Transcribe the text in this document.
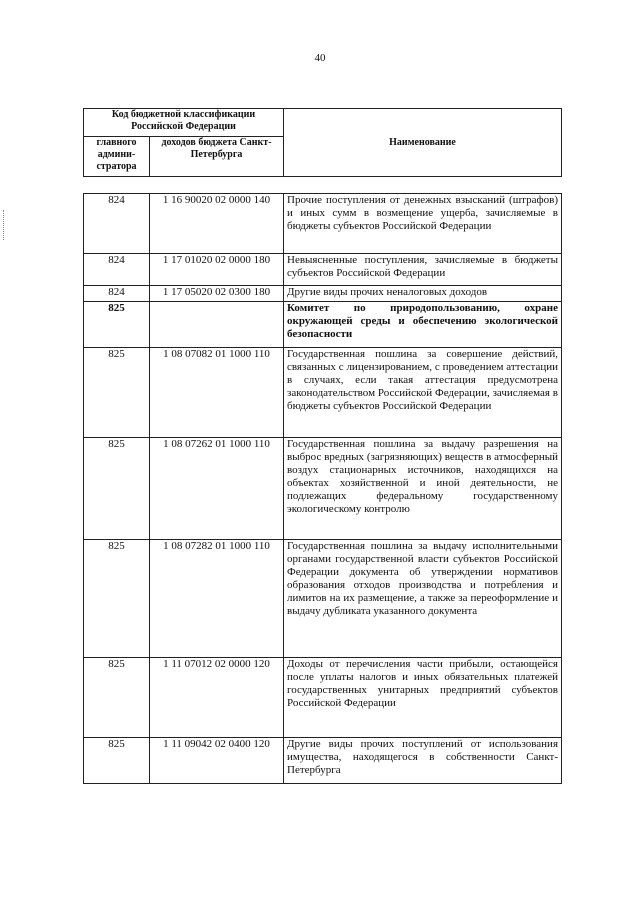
40
Код бюджетной классификации Российской Федерации		Наименование
главного админи-стратора	доходов бюджета Санкт-Петербурга	
824	1 16 90020 02 0000 140	Прочие поступления от денежных взысканий (штрафов) и иных сумм в возмещение ущерба, зачисляемые в бюджеты субъектов Российской Федерации
824	1 17 01020 02 0000 180	Невыясненные поступления, зачисляемые в бюджеты субъектов Российской Федерации
824	1 17 05020 02 0300 180	Другие виды прочих неналоговых доходов
825		Комитет по природопользованию, охране окружающей среды и обеспечению экологической безопасности
825	1 08 07082 01 1000 110	Государственная пошлина за совершение действий, связанных с лицензированием, с проведением аттестации в случаях, если такая аттестация предусмотрена законодательством Российской Федерации, зачисляемая в бюджеты субъектов Российской Федерации
825	1 08 07262 01 1000 110	Государственная пошлина за выдачу разрешения на выброс вредных (загрязняющих) веществ в атмосферный воздух стационарных источников, находящихся на объектах хозяйственной и иной деятельности, не подлежащих федеральному государственному экологическому контролю
825	1 08 07282 01 1000 110	Государственная пошлина за выдачу исполнительными органами государственной власти субъектов Российской Федерации документа об утверждении нормативов образования отходов производства и потребления и лимитов на их размещение, а также за переоформление и выдачу дубликата указанного документа
825	1 11 07012 02 0000 120	Доходы от перечисления части прибыли, остающейся после уплаты налогов и иных обязательных платежей государственных унитарных предприятий субъектов Российской Федерации
825	1 11 09042 02 0400 120	Другие виды прочих поступлений от использования имущества, находящегося в собственности Санкт-Петербурга
